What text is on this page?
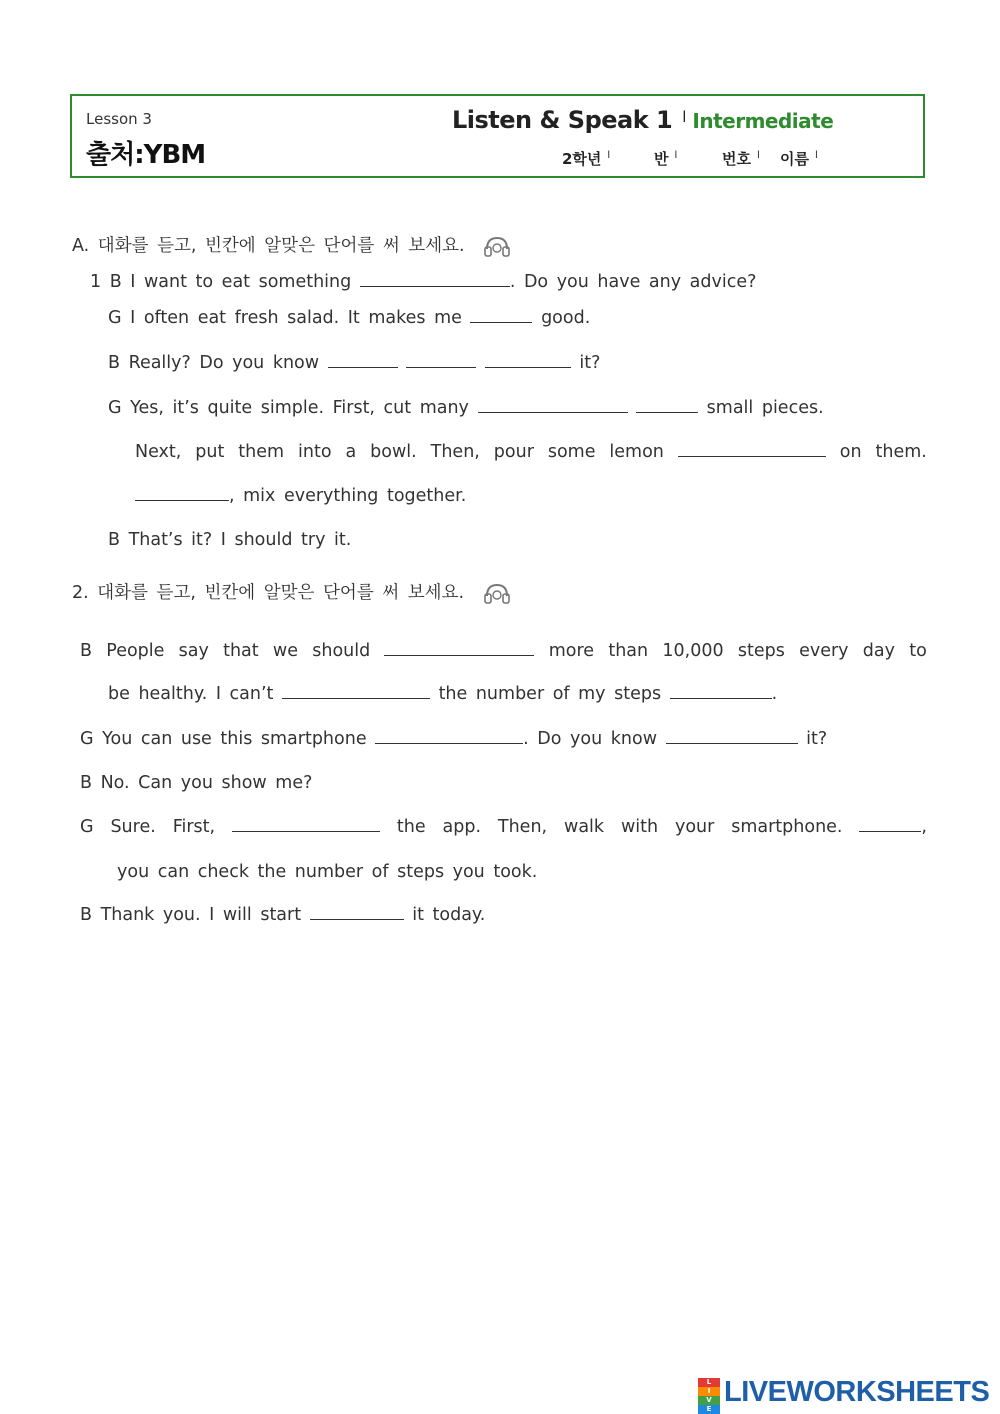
Lesson 3
출처:YBM
Listen & Speak 1 l Intermediate
2학년 $^l$	반 $^l$	번호 $^l$ 이름 $^l$
A. 대화를 듣고, 빈칸에 알맞은 단어를 써 보세요.
1 B I want to eat something	. Do you have any advice?
G I often eat fresh salad. It makes me	good.
B Really? Do you know	it?
G Yes, it’s quite simple. First, cut many	small pieces.
Next, put them into a bowl. Then, pour some lemon	on them.
, mix everything together.
B That’s it? I should try it.
2. 대화를 듣고, 빈칸에 알맞은 단어를 써 보세요.
B People say that we should	more than 10,000 steps every day to
be healthy. I can’t	the number of my steps	.
G You can use this smartphone	. Do you know	it?
B No. Can you show me?
G Sure. First,	the app. Then, walk with your smartphone.	,
you can check the number of steps you took.
B Thank you. I will start	it today.
L
I
V
E
LIVEWORKSHEETS
